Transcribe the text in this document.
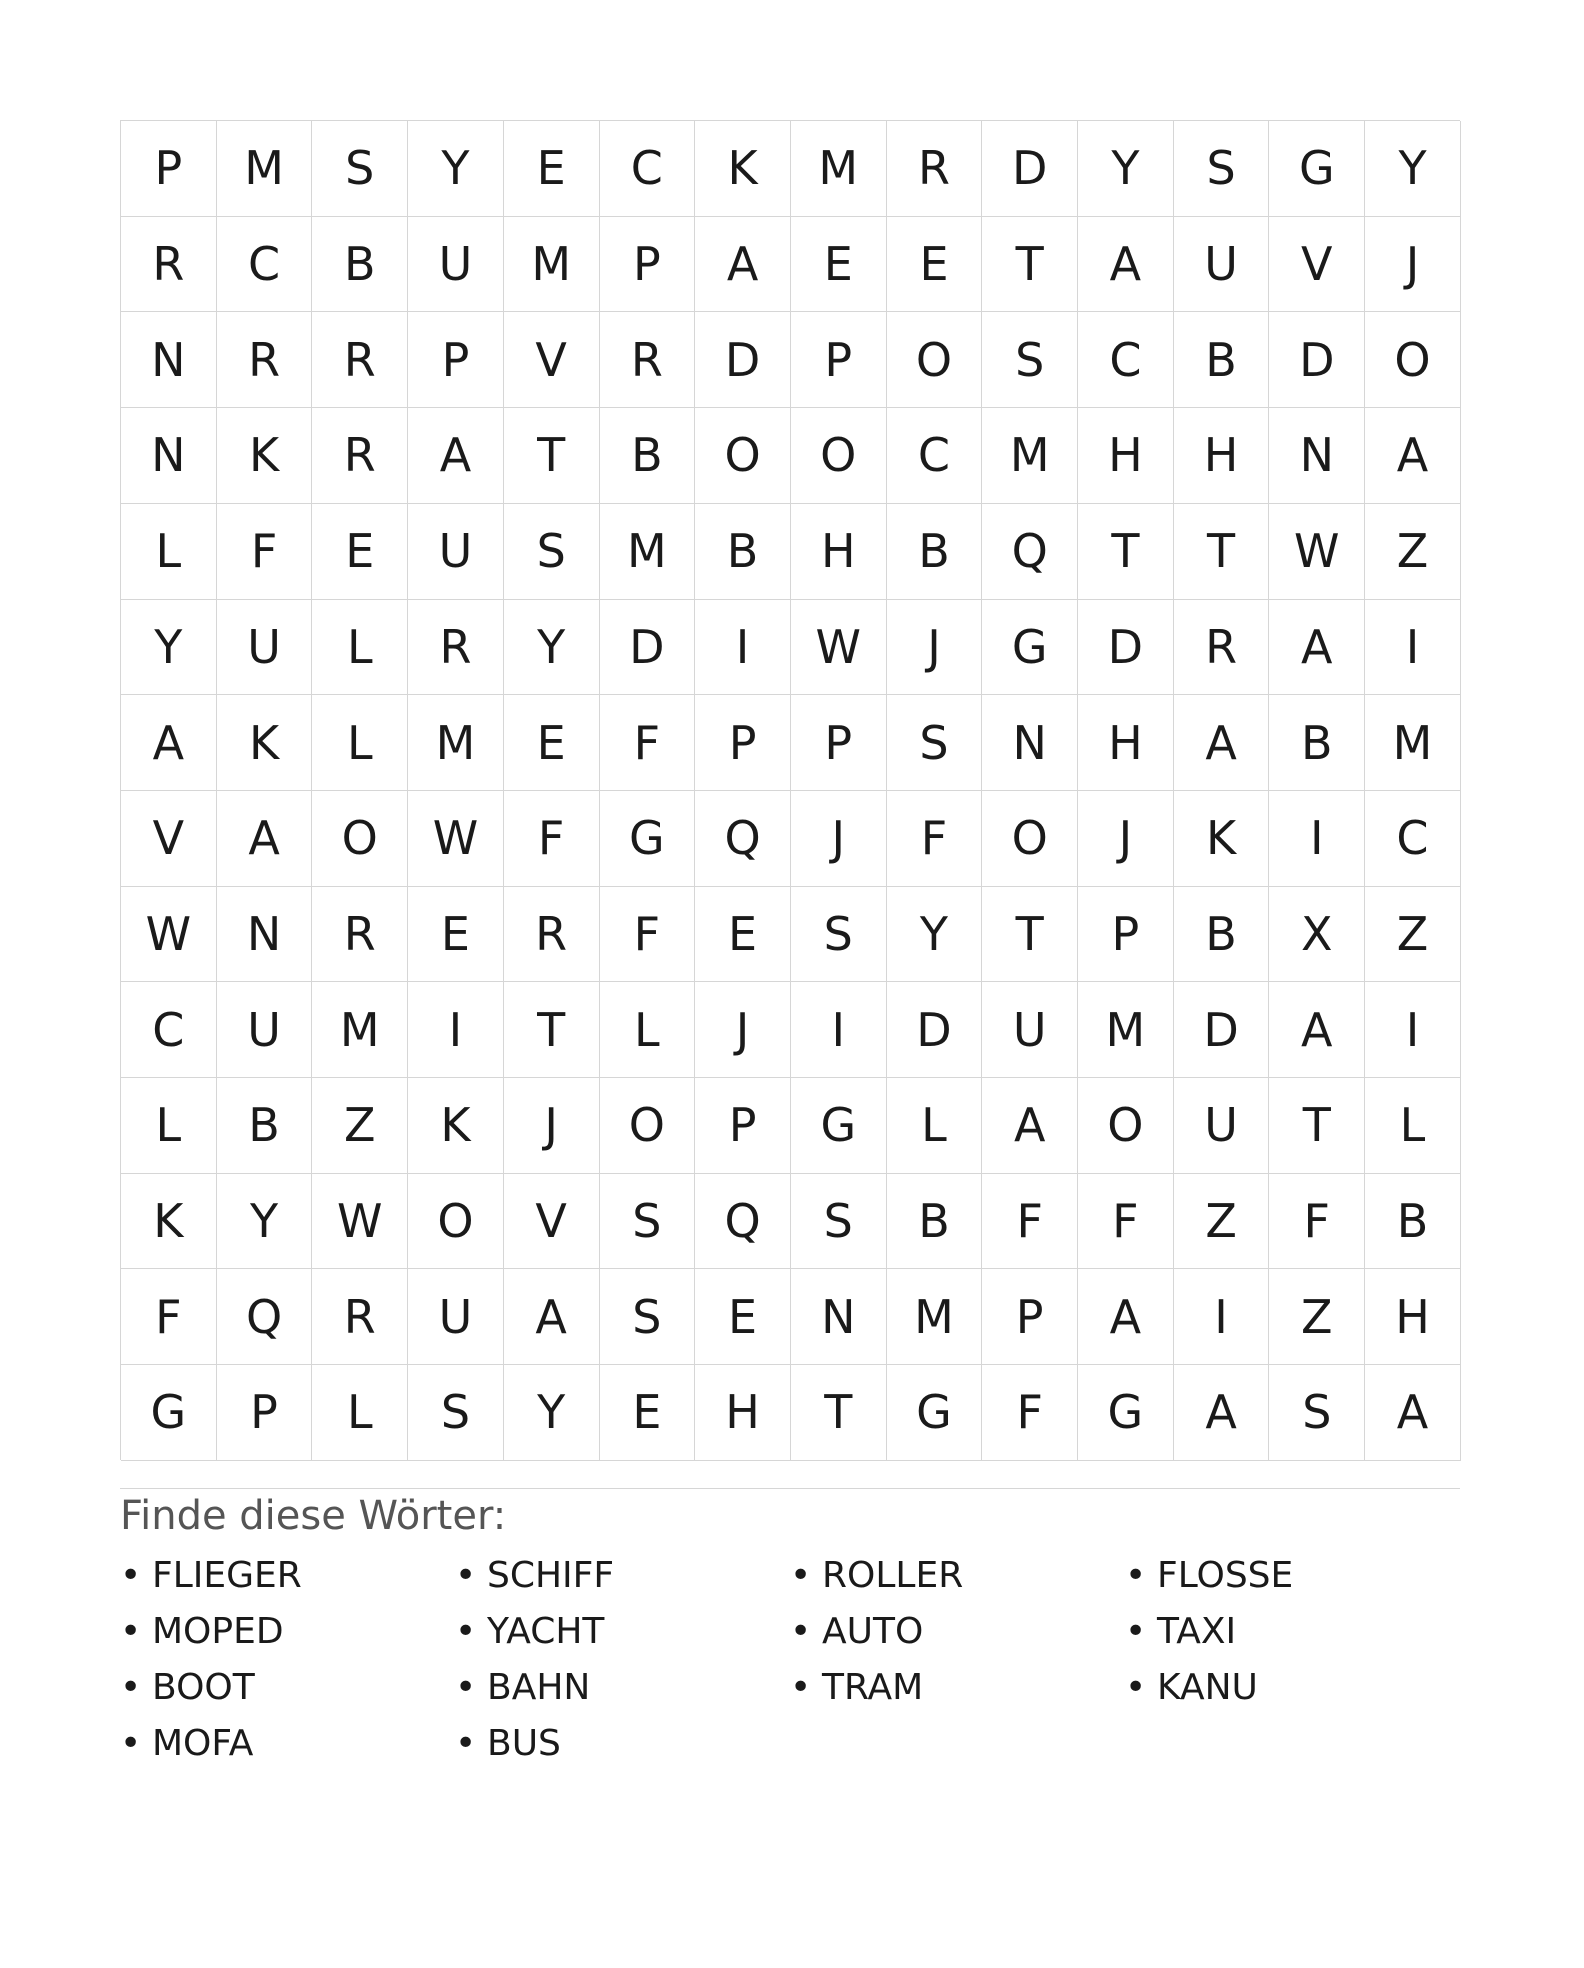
P	M	S	Y	E	C	K	M	R	D	Y	S	G	Y
R	C	B	U	M	P	A	E	E	T	A	U	V	J
N	R	R	P	V	R	D	P	O	S	C	B	D	O
N	K	R	A	T	B	O	O	C	M	H	H	N	A
L	F	E	U	S	M	B	H	B	Q	T	T	W	Z
Y	U	L	R	Y	D	I	W	J	G	D	R	A	I
A	K	L	M	E	F	P	P	S	N	H	A	B	M
V	A	O	W	F	G	Q	J	F	O	J	K	I	C
W	N	R	E	R	F	E	S	Y	T	P	B	X	Z
C	U	M	I	T	L	J	I	D	U	M	D	A	I
L	B	Z	K	J	O	P	G	L	A	O	U	T	L
K	Y	W	O	V	S	Q	S	B	F	F	Z	F	B
F	Q	R	U	A	S	E	N	M	P	A	I	Z	H
G	P	L	S	Y	E	H	T	G	F	G	A	S	A
Finde diese Wörter:
• FLIEGER	• SCHIFF	• ROLLER	• FLOSSE
• MOPED	• YACHT	• AUTO	• TAXI
• BOOT	• BAHN	• TRAM	• KANU
• MOFA	• BUS
